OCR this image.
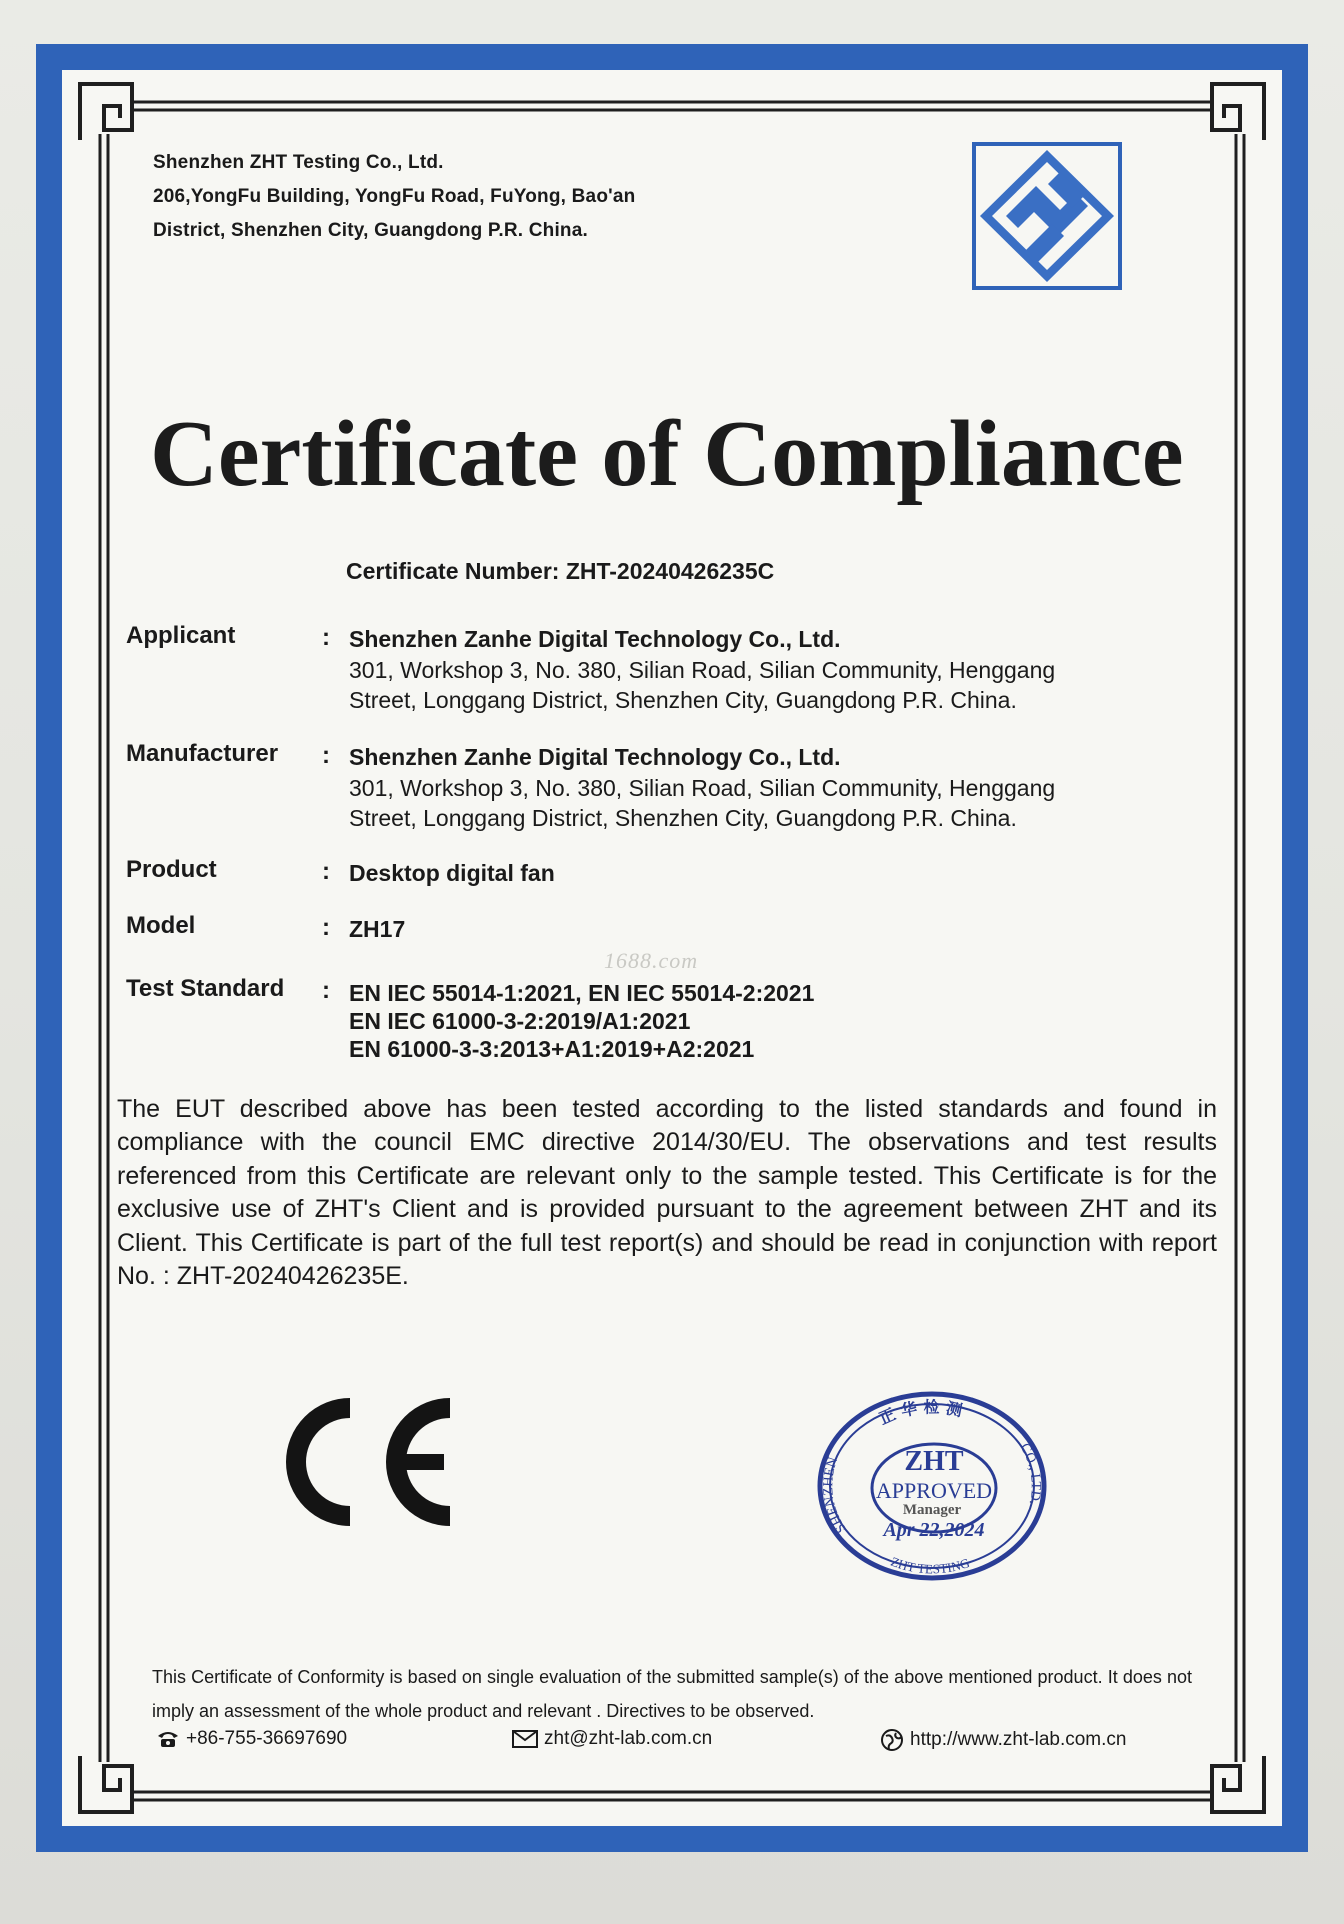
Shenzhen ZHT Testing Co., Ltd.
206,YongFu Building, YongFu Road, FuYong, Bao'an
District, Shenzhen City, Guangdong P.R. China.
Certificate of Compliance
Certificate Number: ZHT-20240426235C
Applicant	: Shenzhen Zanhe Digital Technology Co., Ltd.
301, Workshop 3, No. 380, Silian Road, Silian Community, Henggang
Street, Longgang District, Shenzhen City, Guangdong P.R. China.
Manufacturer : Shenzhen Zanhe Digital Technology Co., Ltd.
301, Workshop 3, No. 380, Silian Road, Silian Community, Henggang
Street, Longgang District, Shenzhen City, Guangdong P.R. China.
Product	: Desktop digital fan
Model	: ZH17
1688.com
Test Standard : EN IEC 55014-1:2021, EN IEC 55014-2:2021
EN IEC 61000-3-2:2019/A1:2021
EN 61000-3-3:2013+A1:2019+A2:2021
The EUT described above has been tested according to the listed standards and found in compliance with the council EMC directive 2014/30/EU. The observations and test results referenced from this Certificate are relevant only to the sample tested. This Certificate is for the exclusive use of ZHT's Client and is provided pursuant to the agreement between ZHT and its Client. This Certificate is part of the full test report(s) and should be read in conjunction with report No. : ZHT-20240426235E.
正 华 检 测
SHENZHEN
CO., LTD.
ZHT TESTING
ZHT
APPROVED
Manager
Apr 22,2024
This Certificate of Conformity is based on single evaluation of the submitted sample(s) of the above mentioned product. It does not imply an assessment of the whole product and relevant . Directives to be observed.
+86-755-36697690	zht@zht-lab.com.cn	http://www.zht-lab.com.cn
